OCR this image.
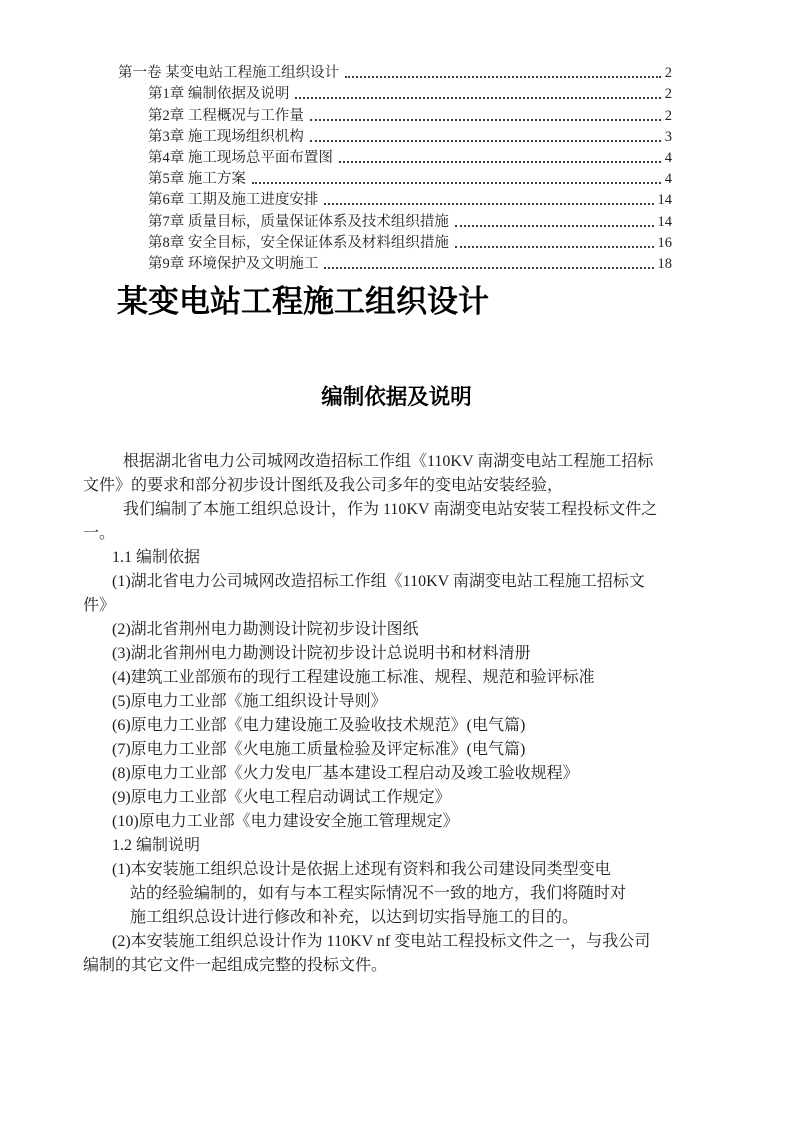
第一卷 某变电站工程施工组织设计	2
第1章 编制依据及说明	2
第2章 工程概况与工作量	2
第3章 施工现场组织机构	3
第4章 施工现场总平面布置图	4
第5章 施工方案	4
第6章 工期及施工进度安排	14
第7章 质量目标，质量保证体系及技术组织措施	14
第8章 安全目标，安全保证体系及材料组织措施	16
第9章 环境保护及文明施工	18
某变电站工程施工组织设计
编制依据及说明
根据湖北省电力公司城网改造招标工作组《110KV 南湖变电站工程施工招标
文件》的要求和部分初步设计图纸及我公司多年的变电站安装经验，
我们编制了本施工组织总设计，作为 110KV 南湖变电站安装工程投标文件之
一。
1.1 编制依据
(1)湖北省电力公司城网改造招标工作组《110KV 南湖变电站工程施工招标文
件》
(2)湖北省荆州电力勘测设计院初步设计图纸
(3)湖北省荆州电力勘测设计院初步设计总说明书和材料清册
(4)建筑工业部颁布的现行工程建设施工标准、规程、规范和验评标准
(5)原电力工业部《施工组织设计导则》
(6)原电力工业部《电力建设施工及验收技术规范》(电气篇)
(7)原电力工业部《火电施工质量检验及评定标准》(电气篇)
(8)原电力工业部《火力发电厂基本建设工程启动及竣工验收规程》
(9)原电力工业部《火电工程启动调试工作规定》
(10)原电力工业部《电力建设安全施工管理规定》
1.2 编制说明
(1)本安装施工组织总设计是依据上述现有资料和我公司建设同类型变电
站的经验编制的，如有与本工程实际情况不一致的地方，我们将随时对
施工组织总设计进行修改和补充，以达到切实指导施工的目的。
(2)本安装施工组织总设计作为 110KV nf 变电站工程投标文件之一，与我公司
编制的其它文件一起组成完整的投标文件。
